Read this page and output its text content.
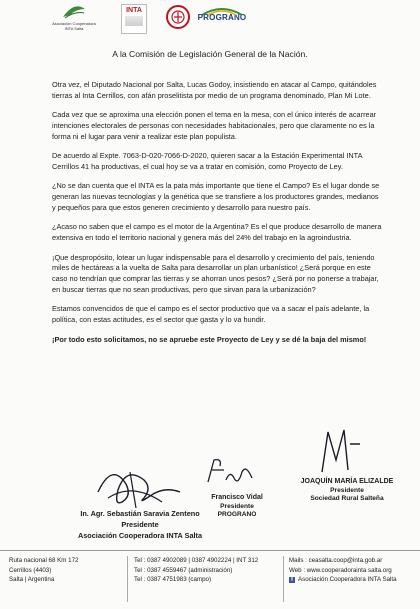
Asociación Cooperadora
INTA Salta
INTA
PROGRANO
A la Comisión de Legislación General de la Nación.

Otra vez, el Diputado Nacional por Salta, Lucas Godoy, insistiendo en atacar al Campo, quitándoles tierras al Inta Cerrillos, con afán proselitista por medio de un programa denominado, Plan Mi Lote.

Cada vez que se aproxima una elección ponen el tema en la mesa, con el único interés de acarrear intenciones electorales de personas con necesidades habitacionales, pero que claramente no es la forma ni el lugar para venir a realizar este plan populista.

De acuerdo al Expte. 7063-D-020-7066-D-2020, quieren sacar a la Estación Experimental INTA Cerrillos 41 ha productivas, el cual hoy se va a tratar en comisión, como Proyecto de Ley.

¿No se dan cuenta que el INTA es la pata más importante que tiene el Campo? Es el lugar donde se generan las nuevas tecnologías y la genética que se transfiere a los productores grandes, medianos y pequeños para que estos generen crecimiento y desarrollo para nuestro país.

¿Acaso no saben que el campo es el motor de la Argentina? Es el que produce desarrollo de manera extensiva en todo el territorio nacional y genera más del 24% del trabajo en la agroindustria.

¡Que despropósito, lotear un lugar indispensable para el desarrollo y crecimiento del país, teniendo miles de hectáreas a la vuelta de Salta para desarrollar un plan urbanístico! ¿Será porque en este caso no tendrían que comprar las tierras y se ahorran unos pesos? ¿Será por no ponerse a trabajar, en buscar tierras que no sean productivas, pero que sirvan para la urbanización?

Estamos convencidos de que el campo es el sector productivo que va a sacar el país adelante, la política, con estas actitudes, es el sector que gasta y lo va hundir.

¡Por todo esto solicitamos, no se apruebe este Proyecto de Ley y se dé la baja del mismo!

In. Agr. Sebastián Saravia Zenteno
Presidente
Asociación Cooperadora INTA Salta
Francisco Vidal
Presidente
PROGRANO
JOAQUÍN MARÍA ELIZALDE
Presidente
Sociedad Rural Salteña
Ruta nacional 68 Km 172
Cerrillos (4403)
Salta | Argentina
Tel : 0387 4902089 | 0387 4902224 | INT 312
Tel : 0387 4559467 (administración)
Tel : 0387 4751983 (campo)
Mails : ceasalta.coop@inta.gob.ar
Web : www.cooperadorainta salta.org
f Asociación Cooperadora INTA Salta
